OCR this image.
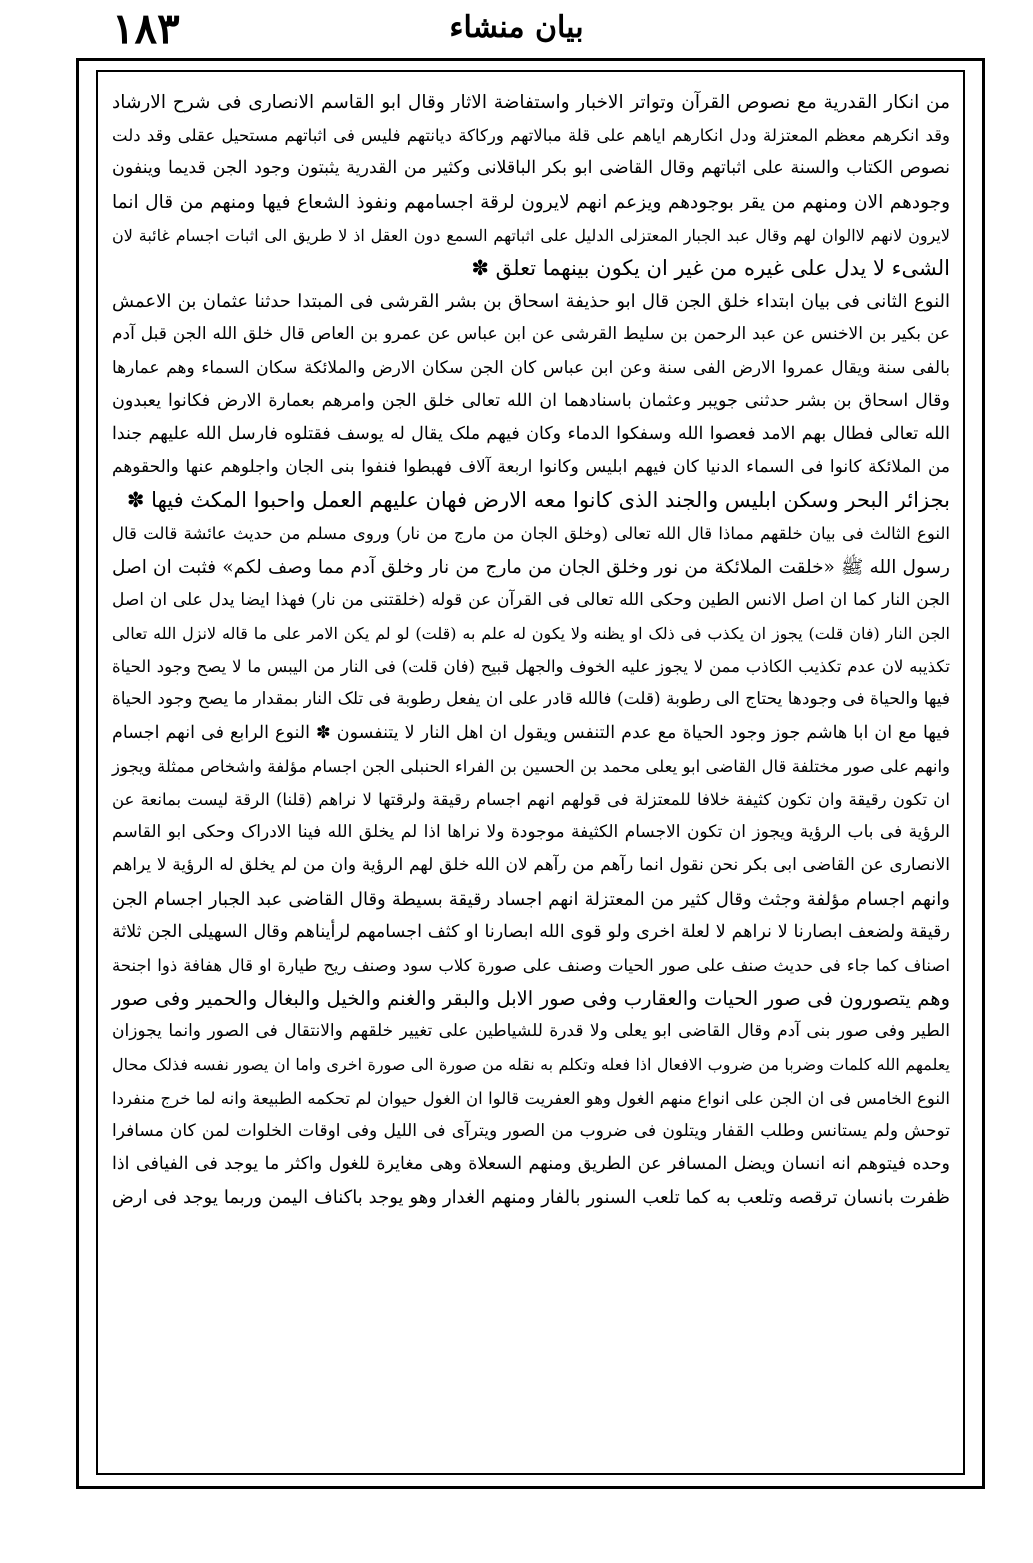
١٨٣	بیان منشاء
من انکار القدرية مع نصوص القرآن وتواتر الاخبار واستفاضة الاثار وقال ابو القاسم الانصاری فی شرح الارشاد
وقد انکرهم معظم المعتزلة ودل انکارهم ایاهم علی قلة مبالاتهم ورکاکة دیانتهم فلیس فی اثباتهم مستحیل عقلی وقد دلت
نصوص الکتاب والسنة علی اثباتهم وقال القاضی ابو بکر الباقلانی وکثیر من القدرية یثبتون وجود الجن قدیما وینفون
وجودهم الان ومنهم من یقر بوجودهم ویزعم انهم لایرون لرقة اجسامهم ونفوذ الشعاع فیها ومنهم من قال انما
لایرون لانهم لاالوان لهم وقال عبد الجبار المعتزلی الدلیل علی اثباتهم السمع دون العقل اذ لا طریق الی اثبات اجسام غائبة لان
الشیء لا یدل علی غیره من غیر ان یکون بینهما تعلق ✽
النوع الثانی فی بیان ابتداء خلق الجن قال ابو حذیفة اسحاق بن بشر القرشی فی المبتدا حدثنا عثمان بن الاعمش
عن بکیر بن الاخنس عن عبد الرحمن بن سلیط القرشی عن ابن عباس عن عمرو بن العاص قال خلق الله الجن قبل آدم
بالفی سنة ویقال عمروا الارض الفی سنة وعن ابن عباس کان الجن سکان الارض والملائکة سکان السماء وهم عمارها
وقال اسحاق بن بشر حدثنی جویبر وعثمان باسنادهما ان الله تعالی خلق الجن وامرهم بعمارة الارض فکانوا یعبدون
الله تعالی فطال بهم الامد فعصوا الله وسفکوا الدماء وکان فیهم ملک یقال له یوسف فقتلوه فارسل الله علیهم جندا
من الملائکة کانوا فی السماء الدنیا کان فیهم ابلیس وکانوا اربعة آلاف فهبطوا فنفوا بنی الجان واجلوهم عنها والحقوهم
بجزائر البحر وسکن ابلیس والجند الذی کانوا معه الارض فهان علیهم العمل واحبوا المکث فیها ✽
النوع الثالث فی بیان خلقهم مماذا قال الله تعالی (وخلق الجان من مارج من نار) وروی مسلم من حدیث عائشة قالت قال
رسول الله ﷺ «خلقت الملائکة من نور وخلق الجان من مارج من نار وخلق آدم مما وصف لکم» فثبت ان اصل
الجن النار کما ان اصل الانس الطین وحکی الله تعالی فی القرآن عن قوله (خلقتنی من نار) فهذا ایضا یدل علی ان اصل
الجن النار (فان قلت) یجوز ان یکذب فی ذلک او یظنه ولا یکون له علم به (قلت) لو لم یکن الامر علی ما قاله لانزل الله تعالی
تکذیبه لان عدم تکذیب الکاذب ممن لا یجوز علیه الخوف والجهل قبیح (فان قلت) فی النار من الیبس ما لا یصح وجود الحیاة
فیها والحیاة فی وجودها یحتاج الی رطوبة (قلت) فالله قادر علی ان یفعل رطوبة فی تلک النار بمقدار ما یصح وجود الحیاة
فیها مع ان ابا هاشم جوز وجود الحیاة مع عدم التنفس ویقول ان اهل النار لا یتنفسون ✽ النوع الرابع فی انهم اجسام
وانهم علی صور مختلفة قال القاضی ابو یعلی محمد بن الحسین بن الفراء الحنبلی الجن اجسام مؤلفة واشخاص ممثلة ویجوز
ان تکون رقیقة وان تکون کثیفة خلافا للمعتزلة فی قولهم انهم اجسام رقیقة ولرقتها لا نراهم (قلنا) الرقة لیست بمانعة عن
الرؤیة فی باب الرؤیة ویجوز ان تکون الاجسام الکثیفة موجودة ولا نراها اذا لم یخلق الله فینا الادراک وحکی ابو القاسم
الانصاری عن القاضی ابی بکر نحن نقول انما رآهم من رآهم لان الله خلق لهم الرؤیة وان من لم یخلق له الرؤیة لا یراهم
وانهم اجسام مؤلفة وجثث وقال کثیر من المعتزلة انهم اجساد رقیقة بسیطة وقال القاضی عبد الجبار اجسام الجن
رقیقة ولضعف ابصارنا لا نراهم لا لعلة اخری ولو قوی الله ابصارنا او کثف اجسامهم لرأیناهم وقال السهیلی الجن ثلاثة
اصناف کما جاء فی حدیث صنف علی صور الحیات وصنف علی صورة کلاب سود وصنف ریح طیارة او قال هفافة ذوا اجنحة
وهم یتصورون فی صور الحیات والعقارب وفی صور الابل والبقر والغنم والخیل والبغال والحمیر وفی صور
الطیر وفی صور بنی آدم وقال القاضی ابو یعلی ولا قدرة للشیاطین علی تغییر خلقهم والانتقال فی الصور وانما یجوزان
یعلمهم الله کلمات وضربا من ضروب الافعال اذا فعله وتکلم به نقله من صورة الی صورة اخری واما ان یصور نفسه فذلک محال
النوع الخامس فی ان الجن علی انواع منهم الغول وهو العفریت قالوا ان الغول حیوان لم تحکمه الطبیعة وانه لما خرج منفردا
توحش ولم یستانس وطلب القفار ویتلون فی ضروب من الصور ویترآی فی اللیل وفی اوقات الخلوات لمن کان مسافرا
وحده فیتوهم انه انسان ویضل المسافر عن الطریق ومنهم السعلاة وهی مغایرة للغول واکثر ما یوجد فی الفیافی اذا
ظفرت بانسان ترقصه وتلعب به کما تلعب السنور بالفار ومنهم الغدار وهو یوجد باکناف الیمن وربما یوجد فی ارض
